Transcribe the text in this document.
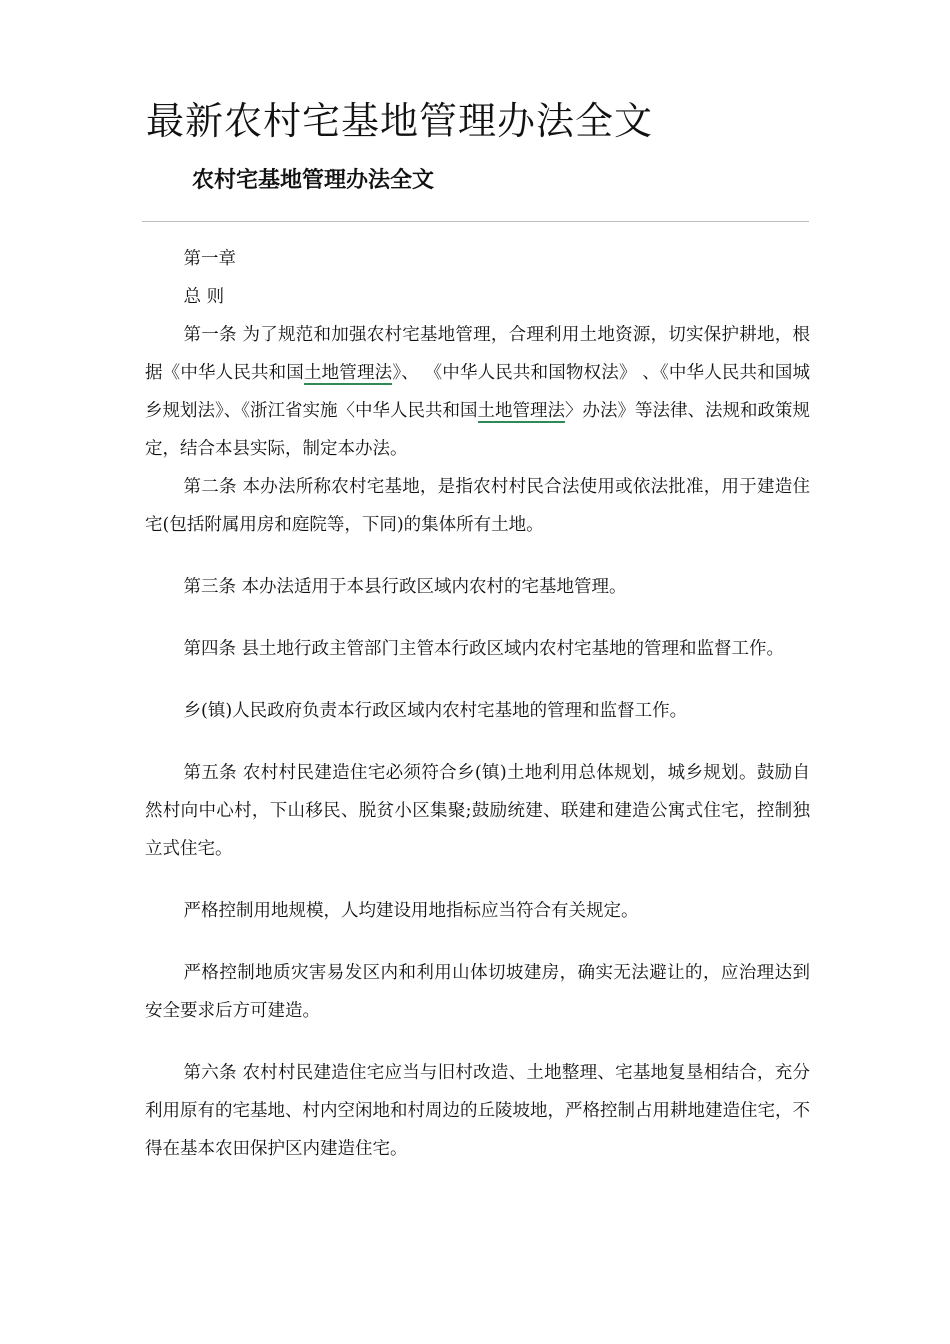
最新农村宅基地管理办法全文
农村宅基地管理办法全文

第一章

总 则

第一条 为了规范和加强农村宅基地管理，合理利用土地资源，切实保护耕地，根据《中华人民共和国土地管理法》、 《中华人民共和国物权法》 、《中华人民共和国城乡规划法》、《浙江省实施〈中华人民共和国土地管理法〉办法》等法律、法规和政策规定，结合本县实际，制定本办法。

第二条 本办法所称农村宅基地，是指农村村民合法使用或依法批准，用于建造住宅(包括附属用房和庭院等，下同)的集体所有土地。

第三条 本办法适用于本县行政区域内农村的宅基地管理。

第四条 县土地行政主管部门主管本行政区域内农村宅基地的管理和监督工作。

乡(镇)人民政府负责本行政区域内农村宅基地的管理和监督工作。

第五条 农村村民建造住宅必须符合乡(镇)土地利用总体规划，城乡规划。鼓励自然村向中心村，下山移民、脱贫小区集聚;鼓励统建、联建和建造公寓式住宅，控制独立式住宅。

严格控制用地规模，人均建设用地指标应当符合有关规定。

严格控制地质灾害易发区内和利用山体切坡建房，确实无法避让的，应治理达到安全要求后方可建造。

第六条 农村村民建造住宅应当与旧村改造、土地整理、宅基地复垦相结合，充分利用原有的宅基地、村内空闲地和村周边的丘陵坡地，严格控制占用耕地建造住宅，不得在基本农田保护区内建造住宅。
